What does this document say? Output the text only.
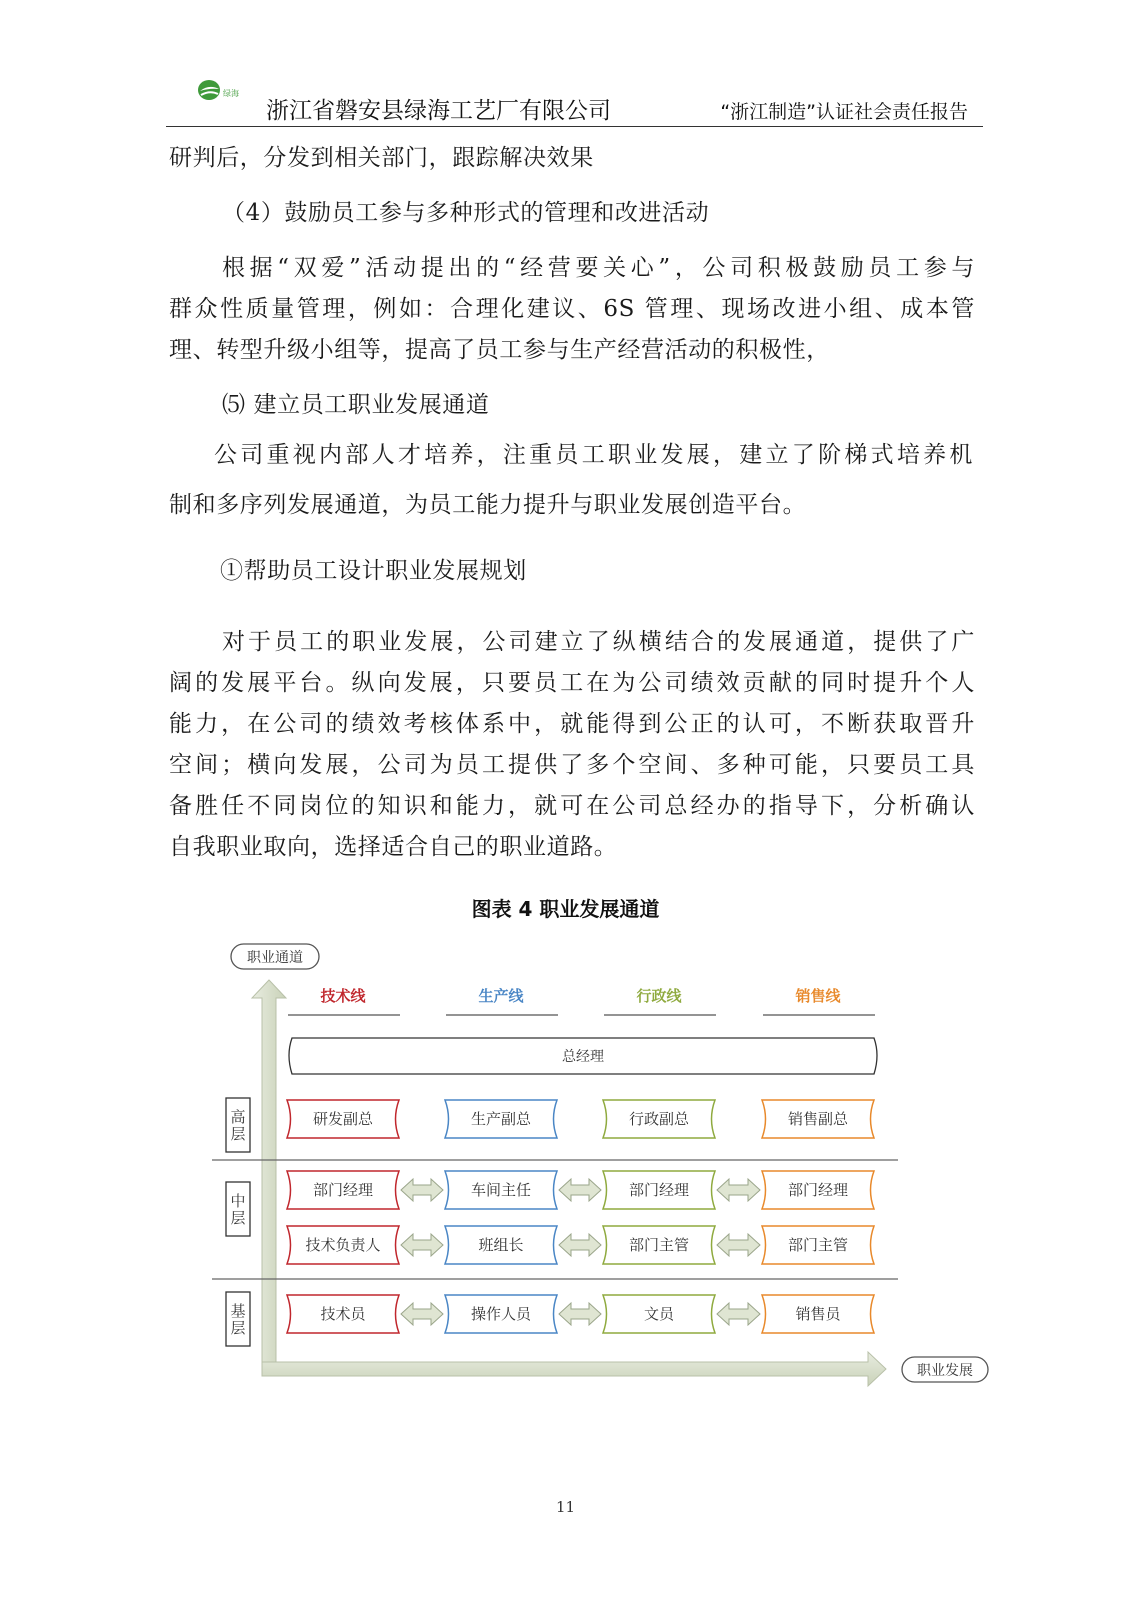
绿海
浙江省磐安县绿海工艺厂有限公司	“浙江制造”认证社会责任报告
研判后，分发到相关部门，跟踪解决效果
（4）鼓励员工参与多种形式的管理和改进活动
根据“双爱”活动提出的“经营要关心”，公司积极鼓励员工参与
群众性质量管理，例如：合理化建议、6S 管理、现场改进小组、成本管
理、转型升级小组等，提高了员工参与生产经营活动的积极性，
⑸ 建立员工职业发展通道
公司重视内部人才培养，注重员工职业发展，建立了阶梯式培养机
制和多序列发展通道，为员工能力提升与职业发展创造平台。
①帮助员工设计职业发展规划
对于员工的职业发展，公司建立了纵横结合的发展通道，提供了广
阔的发展平台。纵向发展，只要员工在为公司绩效贡献的同时提升个人
能力，在公司的绩效考核体系中，就能得到公正的认可，不断获取晋升
空间；横向发展，公司为员工提供了多个空间、多种可能，只要员工具
备胜任不同岗位的知识和能力，就可在公司总经办的指导下，分析确认
自我职业取向，选择适合自己的职业道路。
图表 4 职业发展通道
职业通道
职业发展
技术线	生产线	行政线	销售线
总经理
高层
中层
基层
研发副总	生产副总	行政副总	销售副总
部门经理	车间主任	部门经理	部门经理
技术负责人	班组长	部门主管	部门主管
技术员	操作人员	文员	销售员
11
